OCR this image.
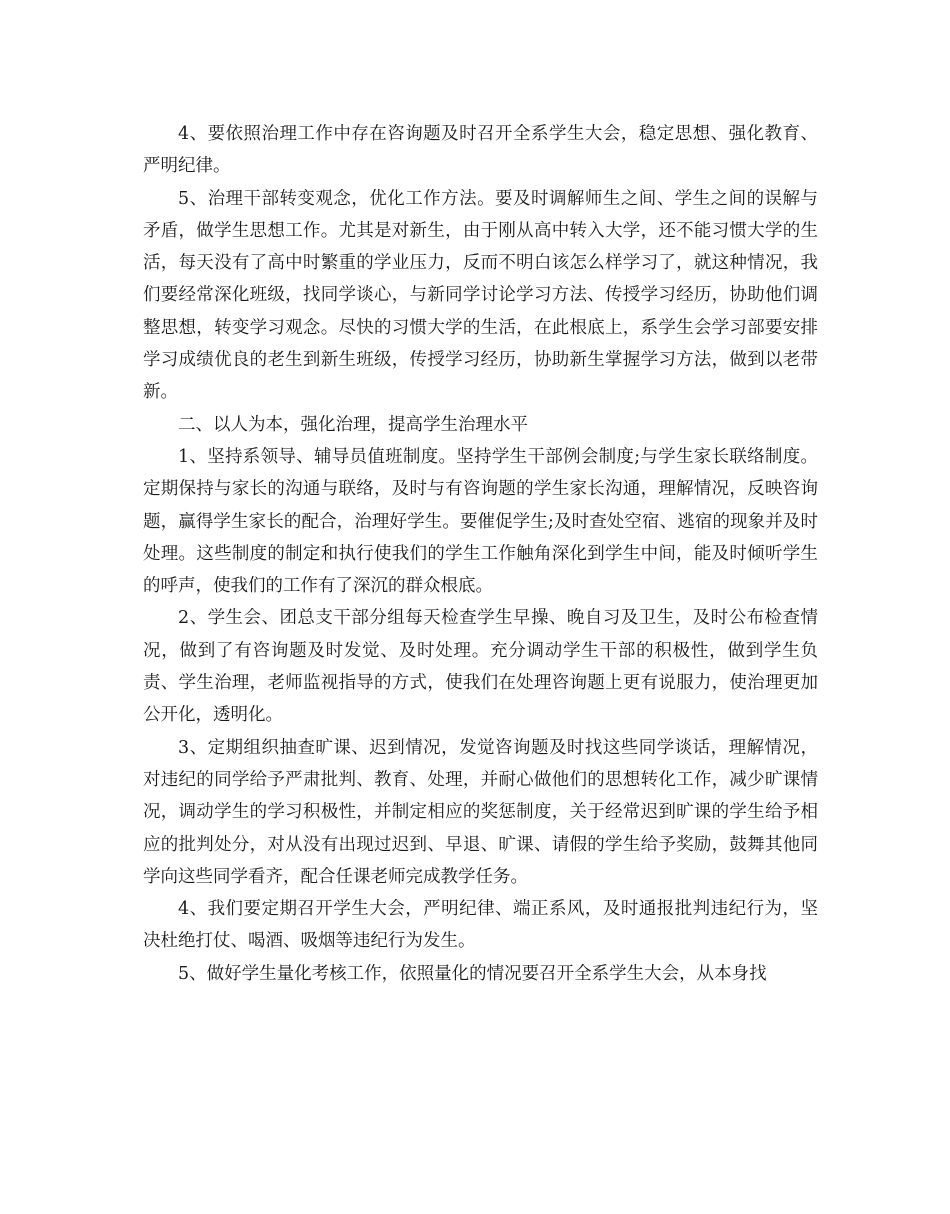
4、要依照治理工作中存在咨询题及时召开全系学生大会，稳定思想、强化教育、严明纪律。

5、治理干部转变观念，优化工作方法。要及时调解师生之间、学生之间的误解与矛盾，做学生思想工作。尤其是对新生，由于刚从高中转入大学，还不能习惯大学的生活，每天没有了高中时繁重的学业压力，反而不明白该怎么样学习了，就这种情况，我们要经常深化班级，找同学谈心，与新同学讨论学习方法、传授学习经历，协助他们调整思想，转变学习观念。尽快的习惯大学的生活，在此根底上，系学生会学习部要安排学习成绩优良的老生到新生班级，传授学习经历，协助新生掌握学习方法，做到以老带新。

二、以人为本，强化治理，提高学生治理水平

1、坚持系领导、辅导员值班制度。坚持学生干部例会制度;与学生家长联络制度。定期保持与家长的沟通与联络，及时与有咨询题的学生家长沟通，理解情况，反映咨询题，赢得学生家长的配合，治理好学生。要催促学生;及时查处空宿、逃宿的现象并及时处理。这些制度的制定和执行使我们的学生工作触角深化到学生中间，能及时倾听学生的呼声，使我们的工作有了深沉的群众根底。

2、学生会、团总支干部分组每天检查学生早操、晚自习及卫生，及时公布检查情况，做到了有咨询题及时发觉、及时处理。充分调动学生干部的积极性，做到学生负责、学生治理，老师监视指导的方式，使我们在处理咨询题上更有说服力，使治理更加公开化，透明化。

3、定期组织抽查旷课、迟到情况，发觉咨询题及时找这些同学谈话，理解情况，对违纪的同学给予严肃批判、教育、处理，并耐心做他们的思想转化工作，减少旷课情况，调动学生的学习积极性，并制定相应的奖惩制度，关于经常迟到旷课的学生给予相应的批判处分，对从没有出现过迟到、早退、旷课、请假的学生给予奖励，鼓舞其他同学向这些同学看齐，配合任课老师完成教学任务。

4、我们要定期召开学生大会，严明纪律、端正系风，及时通报批判违纪行为，坚决杜绝打仗、喝酒、吸烟等违纪行为发生。

5、做好学生量化考核工作，依照量化的情况要召开全系学生大会，从本身找
